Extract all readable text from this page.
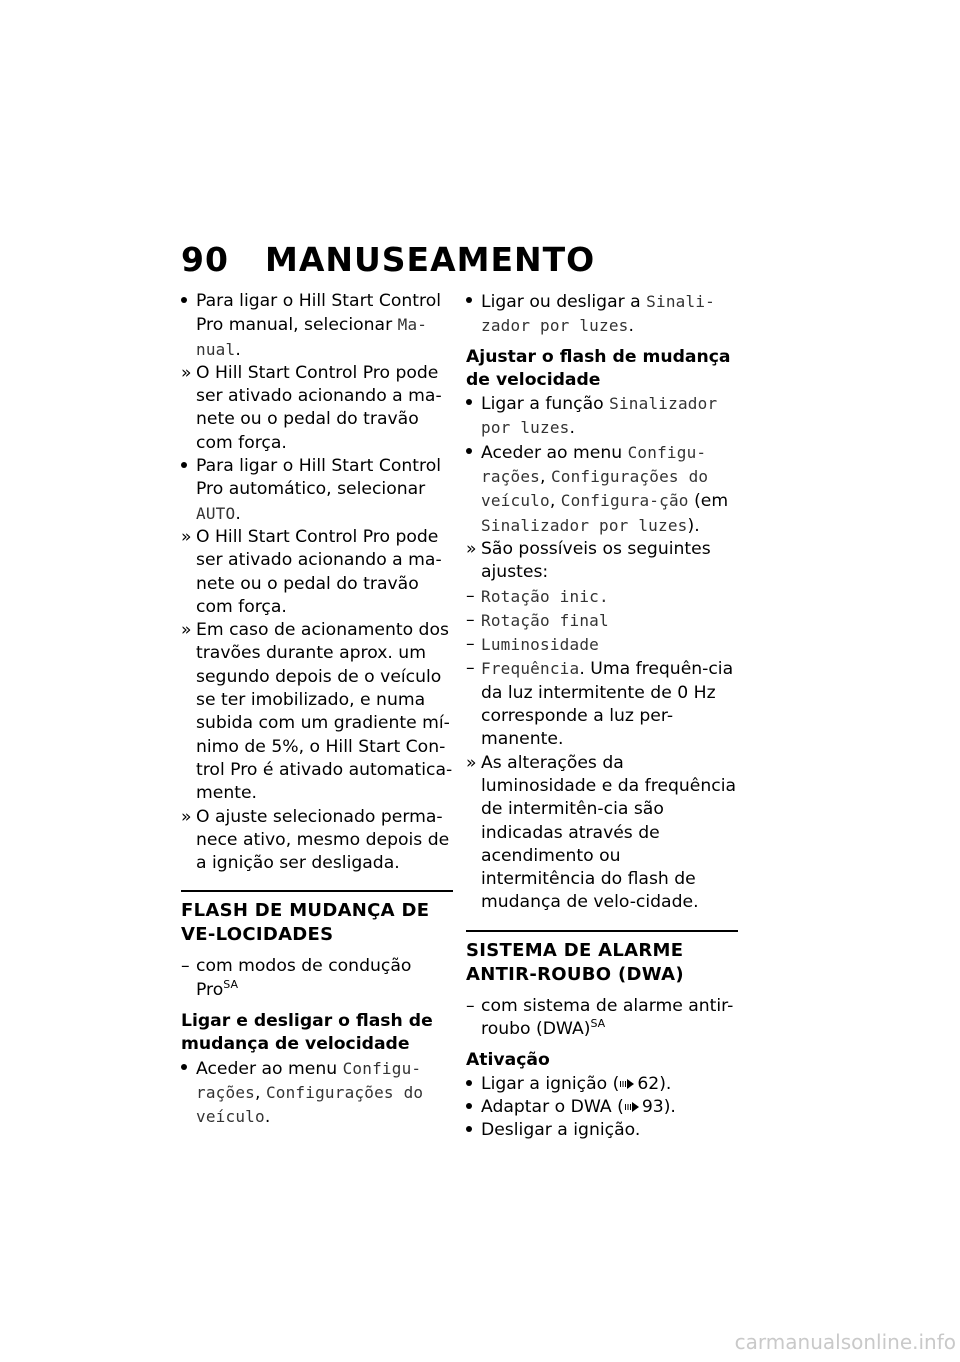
90 MANUSEAMENTO

Para ligar o Hill Start Control Pro manual, selecionar Ma-nual.

» O Hill Start Control Pro pode ser ativado acionando a ma-nete ou o pedal do travão com força.

Para ligar o Hill Start Control Pro automático, selecionar AUTO.

» O Hill Start Control Pro pode ser ativado acionando a ma-nete ou o pedal do travão com força.

» Em caso de acionamento dos travões durante aprox. um segundo depois de o veículo se ter imobilizado, e numa subida com um gradiente mí-nimo de 5%, o Hill Start Con-trol Pro é ativado automatica-mente.

» O ajuste selecionado perma-nece ativo, mesmo depois de a ignição ser desligada.

FLASH DE MUDANÇA DE VE-LOCIDADES

– com modos de condução Pro$^{SA}$

Ligar e desligar o flash de mudança de velocidade

Aceder ao menu Configu-rações, Configurações do veículo.

Ligar ou desligar a Sinali-zador por luzes.

Ajustar o flash de mudança de velocidade

Ligar a função Sinalizador por luzes.

Aceder ao menu Configu-rações, Configurações do veículo, Configura-ção (em Sinalizador por luzes).

» São possíveis os seguintes ajustes:

– Rotação inic.

– Rotação final

– Luminosidade

– Frequência. Uma frequên-cia da luz intermitente de 0 Hz corresponde a luz per-manente.

» As alterações da luminosidade e da frequência de intermitên-cia são indicadas através de acendimento ou intermitência do flash de mudança de velo-cidade.

SISTEMA DE ALARME ANTIR-ROUBO (DWA)

– com sistema de alarme antir-roubo (DWA)$^{SA}$

Ativação

Ligar a ignição ( 62).

Adaptar o DWA ( 93).

Desligar a ignição.

carmanualsonline.info
